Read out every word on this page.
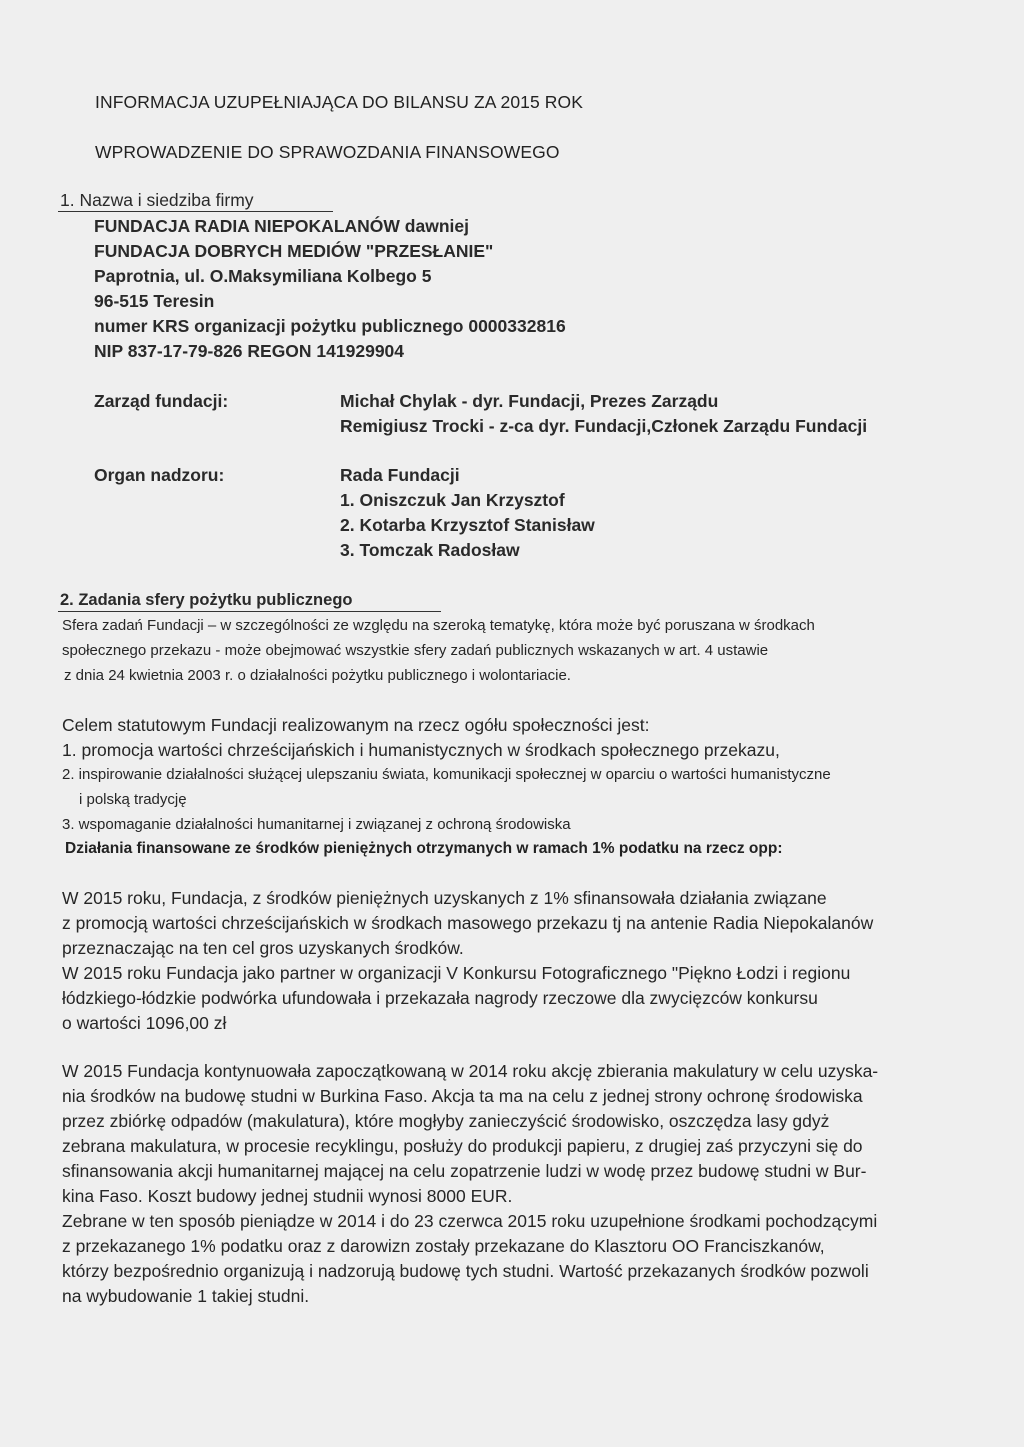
INFORMACJA UZUPEŁNIAJĄCA DO BILANSU ZA 2015 ROK
WPROWADZENIE DO SPRAWOZDANIA FINANSOWEGO
1. Nazwa i siedziba firmy
FUNDACJA RADIA NIEPOKALANÓW dawniej
FUNDACJA DOBRYCH MEDIÓW "PRZESŁANIE"
Paprotnia, ul. O.Maksymiliana Kolbego 5
96-515 Teresin
numer KRS organizacji pożytku publicznego 0000332816
NIP 837-17-79-826 REGON 141929904
Zarząd fundacji:	Michał Chylak - dyr. Fundacji, Prezes Zarządu
Remigiusz Trocki - z-ca dyr. Fundacji,Członek Zarządu Fundacji
Organ nadzoru:	Rada Fundacji
1. Oniszczuk Jan Krzysztof
2. Kotarba Krzysztof Stanisław
3. Tomczak Radosław
2. Zadania sfery pożytku publicznego
Sfera zadań Fundacji – w szczególności ze względu na szeroką tematykę, która może być poruszana w środkach
społecznego przekazu - może obejmować wszystkie sfery zadań publicznych wskazanych w art. 4 ustawie
z dnia 24 kwietnia 2003 r. o działalności pożytku publicznego i wolontariacie.
Celem statutowym Fundacji realizowanym na rzecz ogółu społeczności jest:
1. promocja wartości chrześcijańskich i humanistycznych w środkach społecznego przekazu,
2. inspirowanie działalności służącej ulepszaniu świata, komunikacji społecznej w oparciu o wartości humanistyczne
i polską tradycję
3. wspomaganie działalności humanitarnej i związanej z ochroną środowiska
Działania finansowane ze środków pieniężnych otrzymanych w ramach 1% podatku na rzecz opp:
W 2015 roku, Fundacja, z środków pieniężnych uzyskanych z 1% sfinansowała działania związane
z promocją wartości chrześcijańskich w środkach masowego przekazu tj na antenie Radia Niepokalanów
przeznaczając na ten cel gros uzyskanych środków.
W 2015 roku Fundacja jako partner w organizacji V Konkursu Fotograficznego "Piękno Łodzi i regionu
łódzkiego-łódzkie podwórka ufundowała i przekazała nagrody rzeczowe dla zwycięzców konkursu
o wartości 1096,00 zł
W 2015 Fundacja kontynuowała zapoczątkowaną w 2014 roku akcję zbierania makulatury w celu uzyska-
nia środków na budowę studni w Burkina Faso. Akcja ta ma na celu z jednej strony ochronę środowiska
przez zbiórkę odpadów (makulatura), które mogłyby zanieczyścić środowisko, oszczędza lasy gdyż
zebrana makulatura, w procesie recyklingu, posłuży do produkcji papieru, z drugiej zaś przyczyni się do
sfinansowania akcji humanitarnej mającej na celu zopatrzenie ludzi w wodę przez budowę studni w Bur-
kina Faso. Koszt budowy jednej studnii wynosi 8000 EUR.
Zebrane w ten sposób pieniądze w 2014 i do 23 czerwca 2015 roku uzupełnione środkami pochodzącymi
z przekazanego 1% podatku oraz z darowizn zostały przekazane do Klasztoru OO Franciszkanów,
którzy bezpośrednio organizują i nadzorują budowę tych studni. Wartość przekazanych środków pozwoli
na wybudowanie 1 takiej studni.
